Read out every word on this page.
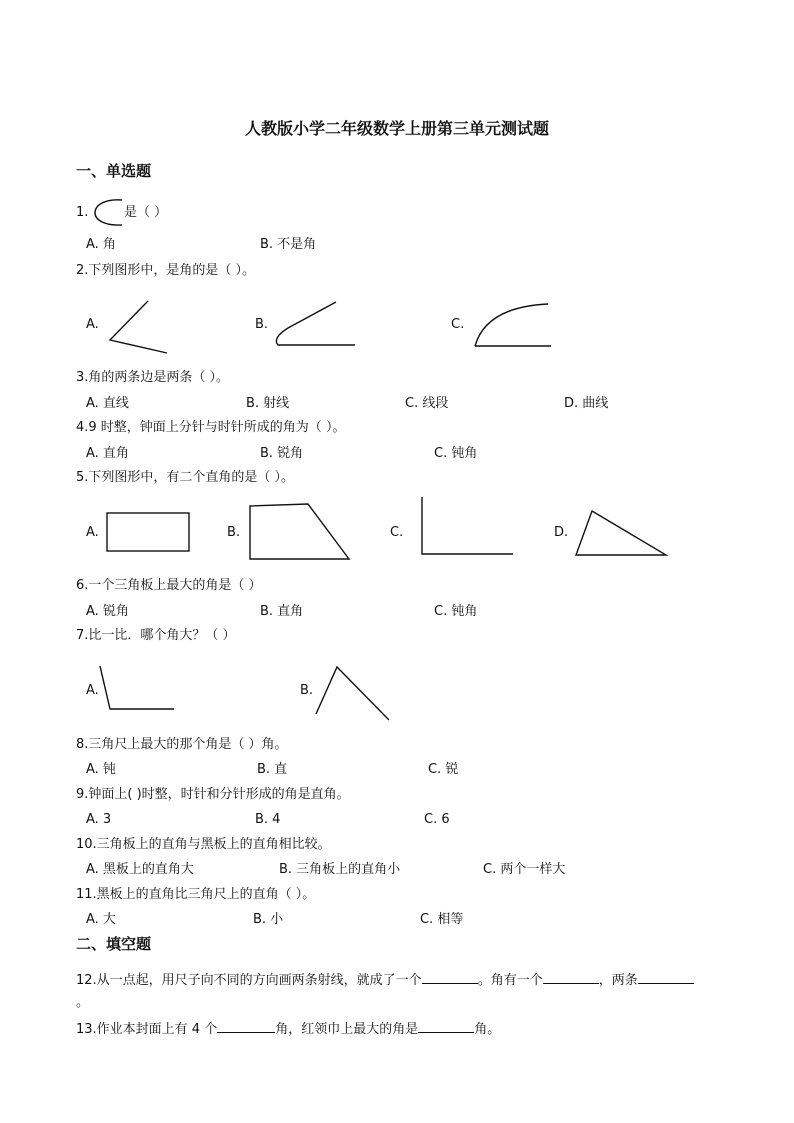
人教版小学二年级数学上册第三单元测试题
一、单选题
1.	是（ ）
A. 角	B. 不是角
2.下列图形中，是角的是（ ）。
A.	B.	C.
3.角的两条边是两条（ ）。
A. 直线	B. 射线	C. 线段	D. 曲线
4.9 时整，钟面上分针与时针所成的角为（ ）。
A. 直角	B. 锐角	C. 钝角
5.下列图形中，有二个直角的是（ ）。
A.	B.	C.	D.
6.一个三角板上最大的角是（ ）
A. 锐角	B. 直角	C. 钝角
7.比一比．哪个角大？（ ）
A.	B.
8.三角尺上最大的那个角是（ ）角。
A. 钝	B. 直	C. 锐
9.钟面上( )时整，时针和分针形成的角是直角。
A. 3	B. 4	C. 6
10.三角板上的直角与黑板上的直角相比较。
A. 黑板上的直角大	B. 三角板上的直角小	C. 两个一样大
11.黑板上的直角比三角尺上的直角（ ）。
A. 大	B. 小	C. 相等
二、填空题
12.从一点起，用尺子向不同的方向画两条射线，就成了一个	。角有一个	，两条
。
13.作业本封面上有 4 个	角，红领巾上最大的角是	角。
